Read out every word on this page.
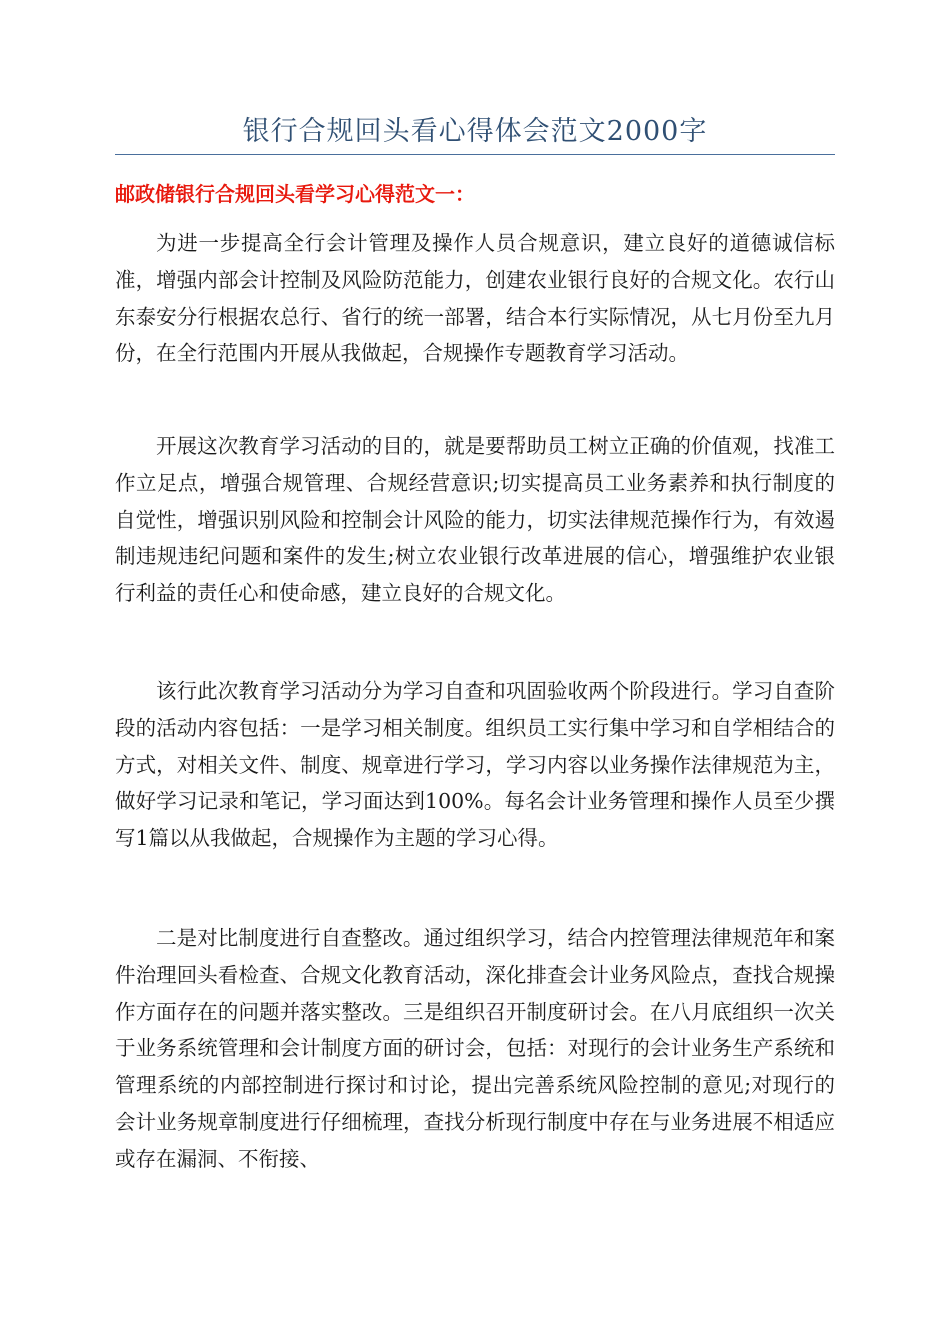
银行合规回头看心得体会范文2000字
邮政储银行合规回头看学习心得范文一：

为进一步提高全行会计管理及操作人员合规意识，建立良好的道德诚信标准，增强内部会计控制及风险防范能力，创建农业银行良好的合规文化。农行山东泰安分行根据农总行、省行的统一部署，结合本行实际情况，从七月份至九月份，在全行范围内开展从我做起，合规操作专题教育学习活动。

开展这次教育学习活动的目的，就是要帮助员工树立正确的价值观，找准工作立足点，增强合规管理、合规经营意识;切实提高员工业务素养和执行制度的自觉性，增强识别风险和控制会计风险的能力，切实法律规范操作行为，有效遏制违规违纪问题和案件的发生;树立农业银行改革进展的信心，增强维护农业银行利益的责任心和使命感，建立良好的合规文化。

该行此次教育学习活动分为学习自查和巩固验收两个阶段进行。学习自查阶段的活动内容包括：一是学习相关制度。组织员工实行集中学习和自学相结合的方式，对相关文件、制度、规章进行学习，学习内容以业务操作法律规范为主，做好学习记录和笔记，学习面达到100%。每名会计业务管理和操作人员至少撰写1篇以从我做起，合规操作为主题的学习心得。

二是对比制度进行自查整改。通过组织学习，结合内控管理法律规范年和案件治理回头看检查、合规文化教育活动，深化排查会计业务风险点，查找合规操作方面存在的问题并落实整改。三是组织召开制度研讨会。在八月底组织一次关于业务系统管理和会计制度方面的研讨会，包括：对现行的会计业务生产系统和管理系统的内部控制进行探讨和讨论，提出完善系统风险控制的意见;对现行的会计业务规章制度进行仔细梳理，查找分析现行制度中存在与业务进展不相适应或存在漏洞、不衔接、
